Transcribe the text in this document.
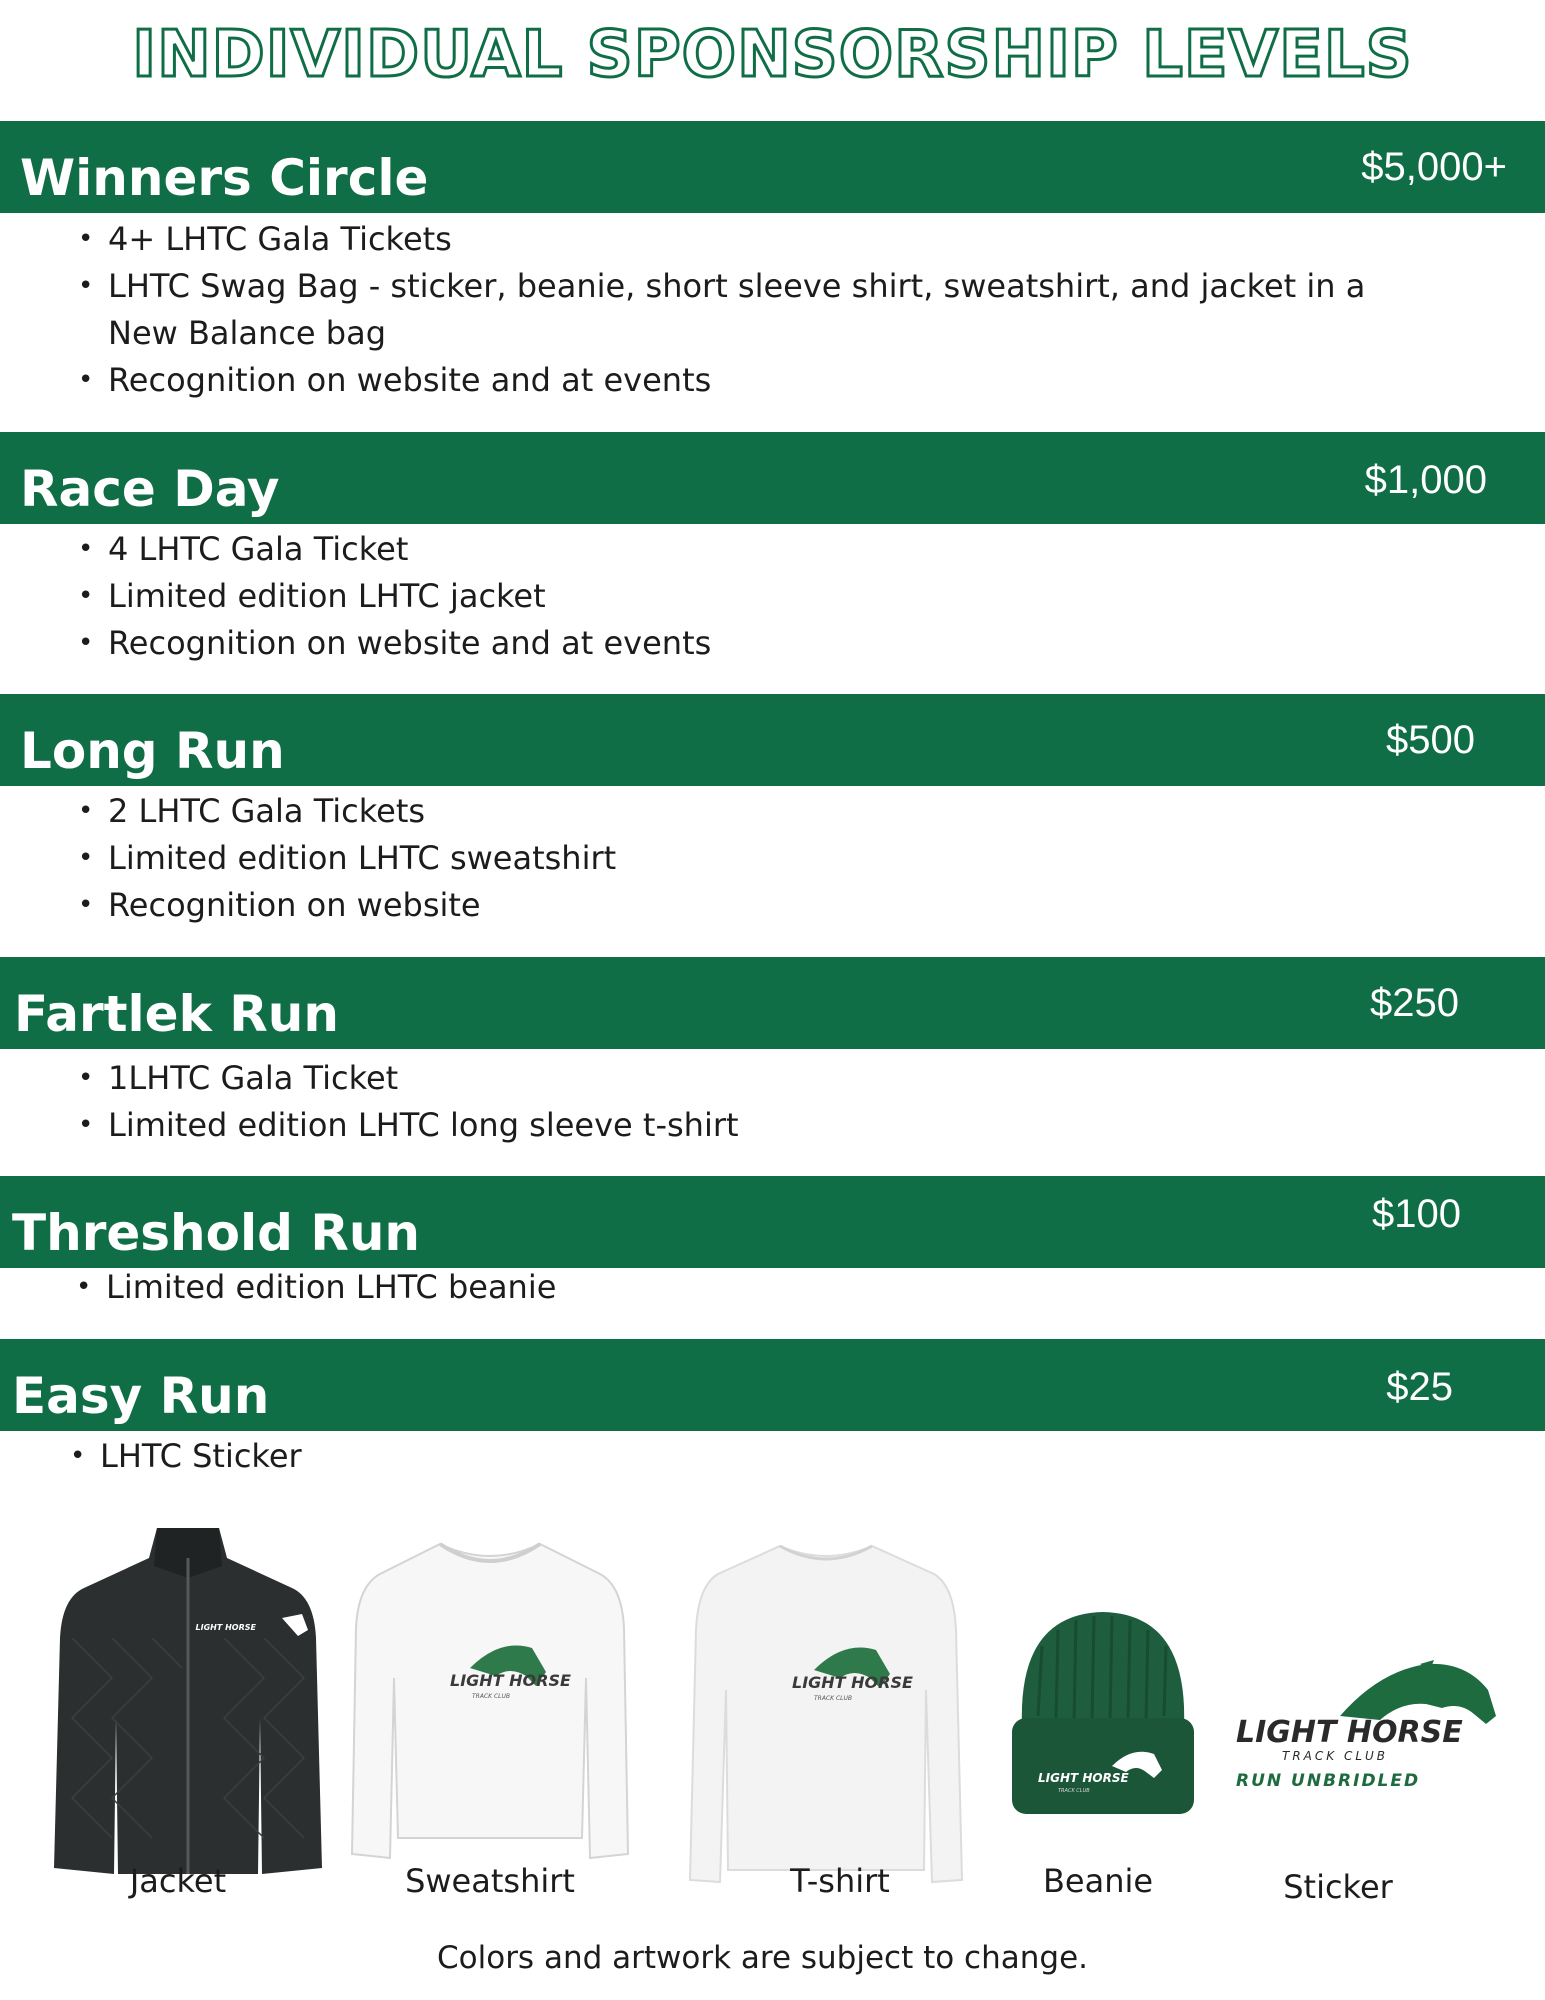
INDIVIDUAL SPONSORSHIP LEVELS
Winners Circle	$5,000+
• 4+ LHTC Gala Tickets
• LHTC Swag Bag - sticker, beanie, short sleeve shirt, sweatshirt, and jacket in a New Balance bag
• Recognition on website and at events
Race Day	$1,000
• 4 LHTC Gala Ticket
• Limited edition LHTC jacket
• Recognition on website and at events
Long Run	$500
• 2 LHTC Gala Tickets
• Limited edition LHTC sweatshirt
• Recognition on website
Fartlek Run	$250
• 1LHTC Gala Ticket
• Limited edition LHTC long sleeve t-shirt
Threshold Run	$100
• Limited edition LHTC beanie
Easy Run	$25
• LHTC Sticker
LIGHT HORSE
Jacket
LIGHT HORSE
TRACK CLUB
Sweatshirt
LIGHT HORSE
TRACK CLUB
T-shirt
LIGHT HORSE
TRACK CLUB
Beanie
LIGHT HORSE
TRACK CLUB
RUN UNBRIDLED
Sticker

Colors and artwork are subject to change.
